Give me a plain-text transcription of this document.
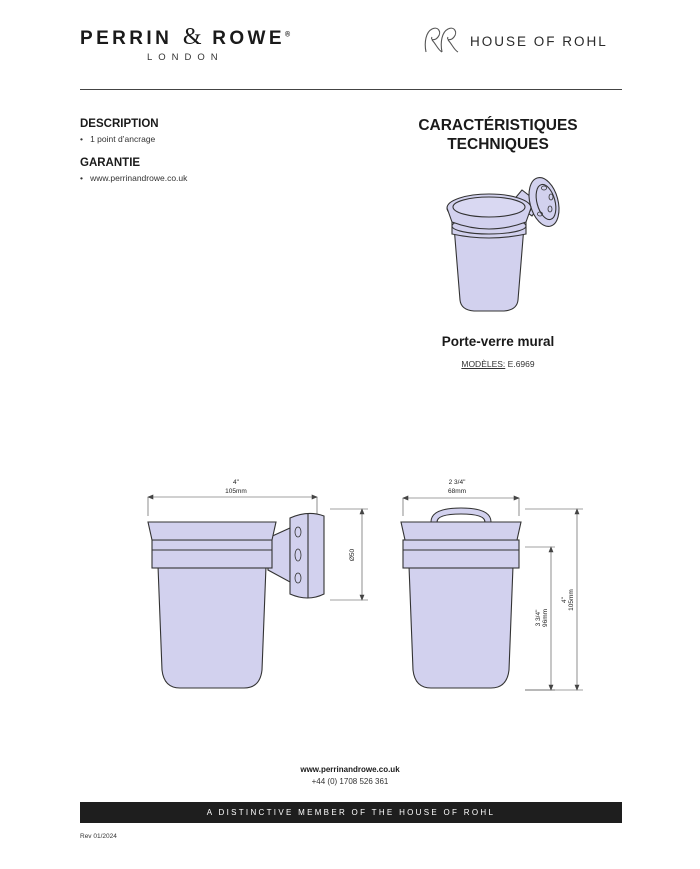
PERRIN & ROWE®
LONDON
HOUSE OF ROHL
DESCRIPTION
•   1 point d’ancrage
GARANTIE
•   www.perrinandrowe.co.uk
CARACTÉRISTIQUES
TECHNIQUES
Porte-verre mural
MODÈLES: E.6969
4"
105mm
Ø50
2 3/4"
68mm
3 3/4" 96mm
4" 105mm
www.perrinandrowe.co.uk
+44 (0) 1708 526 361
A DISTINCTIVE MEMBER OF THE HOUSE OF ROHL
Rev 01/2024
